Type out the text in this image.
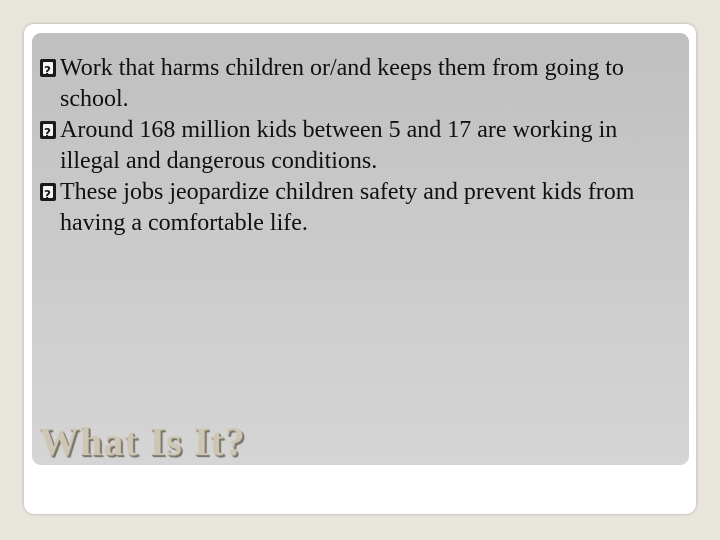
?
Work that harms children or/and keeps them from going to school.
?
Around 168 million kids between 5 and 17 are working in illegal and dangerous conditions.
?
These jobs jeopardize children safety and prevent kids from having a comfortable life.
What Is It?
